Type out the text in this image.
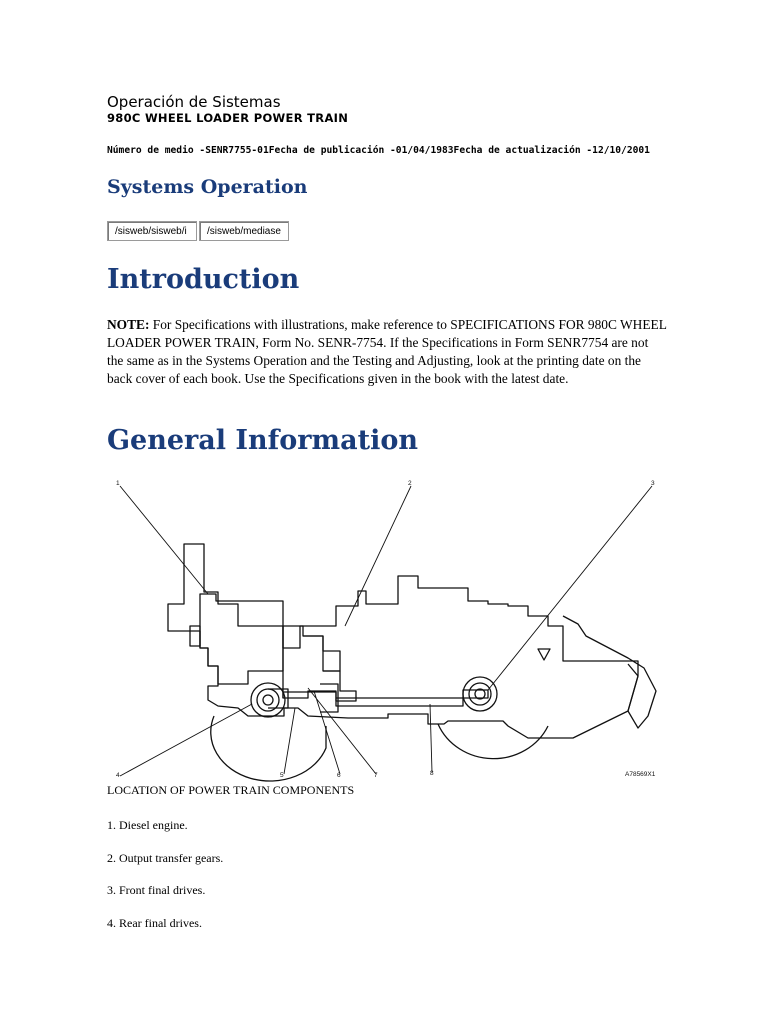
Operación de Sistemas
980C WHEEL LOADER POWER TRAIN
Número de medio -SENR7755-01Fecha de publicación -01/04/1983Fecha de actualización -12/10/2001
Systems Operation
/sisweb/sisweb/i	/sisweb/mediase
Introduction
NOTE: For Specifications with illustrations, make reference to SPECIFICATIONS FOR 980C WHEEL LOADER POWER TRAIN, Form No. SENR-7754. If the Specifications in Form SENR7754 are not the same as in the Systems Operation and the Testing and Adjusting, look at the printing date on the back cover of each book. Use the Specifications given in the book with the latest date.
General Information
1	2	3
4	5	6	7	8	A78569X1
LOCATION OF POWER TRAIN COMPONENTS
1. Diesel engine.
2. Output transfer gears.
3. Front final drives.
4. Rear final drives.
